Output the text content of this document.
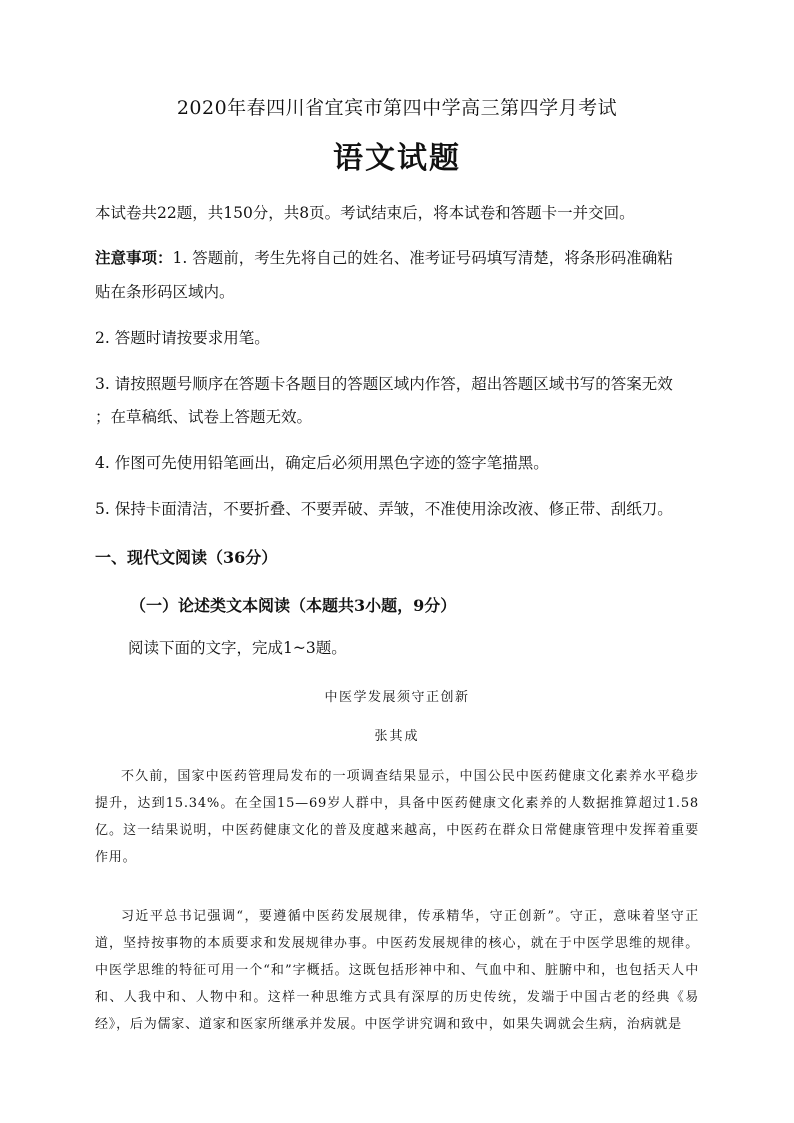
2020年春四川省宜宾市第四中学高三第四学月考试
语文试题
本试卷共22题，共150分，共8页。考试结束后，将本试卷和答题卡一并交回。
注意事项：1. 答题前，考生先将自己的姓名、准考证号码填写清楚，将条形码准确粘
贴在条形码区域内。
2. 答题时请按要求用笔。
3. 请按照题号顺序在答题卡各题目的答题区域内作答，超出答题区域书写的答案无效
；在草稿纸、试卷上答题无效。
4. 作图可先使用铅笔画出，确定后必须用黑色字迹的签字笔描黑。
5. 保持卡面清洁，不要折叠、不要弄破、弄皱，不准使用涂改液、修正带、刮纸刀。
一、现代文阅读（36分）
（一）论述类文本阅读（本题共3小题，9分）
阅读下面的文字，完成1~3题。
中医学发展须守正创新
张其成

不久前，国家中医药管理局发布的一项调查结果显示，中国公民中医药健康文化素养水平稳步提升，达到15.34%。在全国15—69岁人群中，具备中医药健康文化素养的人数据推算超过1.58亿。这一结果说明，中医药健康文化的普及度越来越高，中医药在群众日常健康管理中发挥着重要作用。

习近平总书记强调“，要遵循中医药发展规律，传承精华，守正创新”。守正，意味着坚守正道，坚持按事物的本质要求和发展规律办事。中医药发展规律的核心，就在于中医学思维的规律。中医学思维的特征可用一个“和”字概括。这既包括形神中和、气血中和、脏腑中和，也包括天人中和、人我中和、人物中和。这样一种思维方式具有深厚的历史传统，发端于中国古老的经典《易经》，后为儒家、道家和医家所继承并发展。中医学讲究调和致中，如果失调就会生病，治病就是
